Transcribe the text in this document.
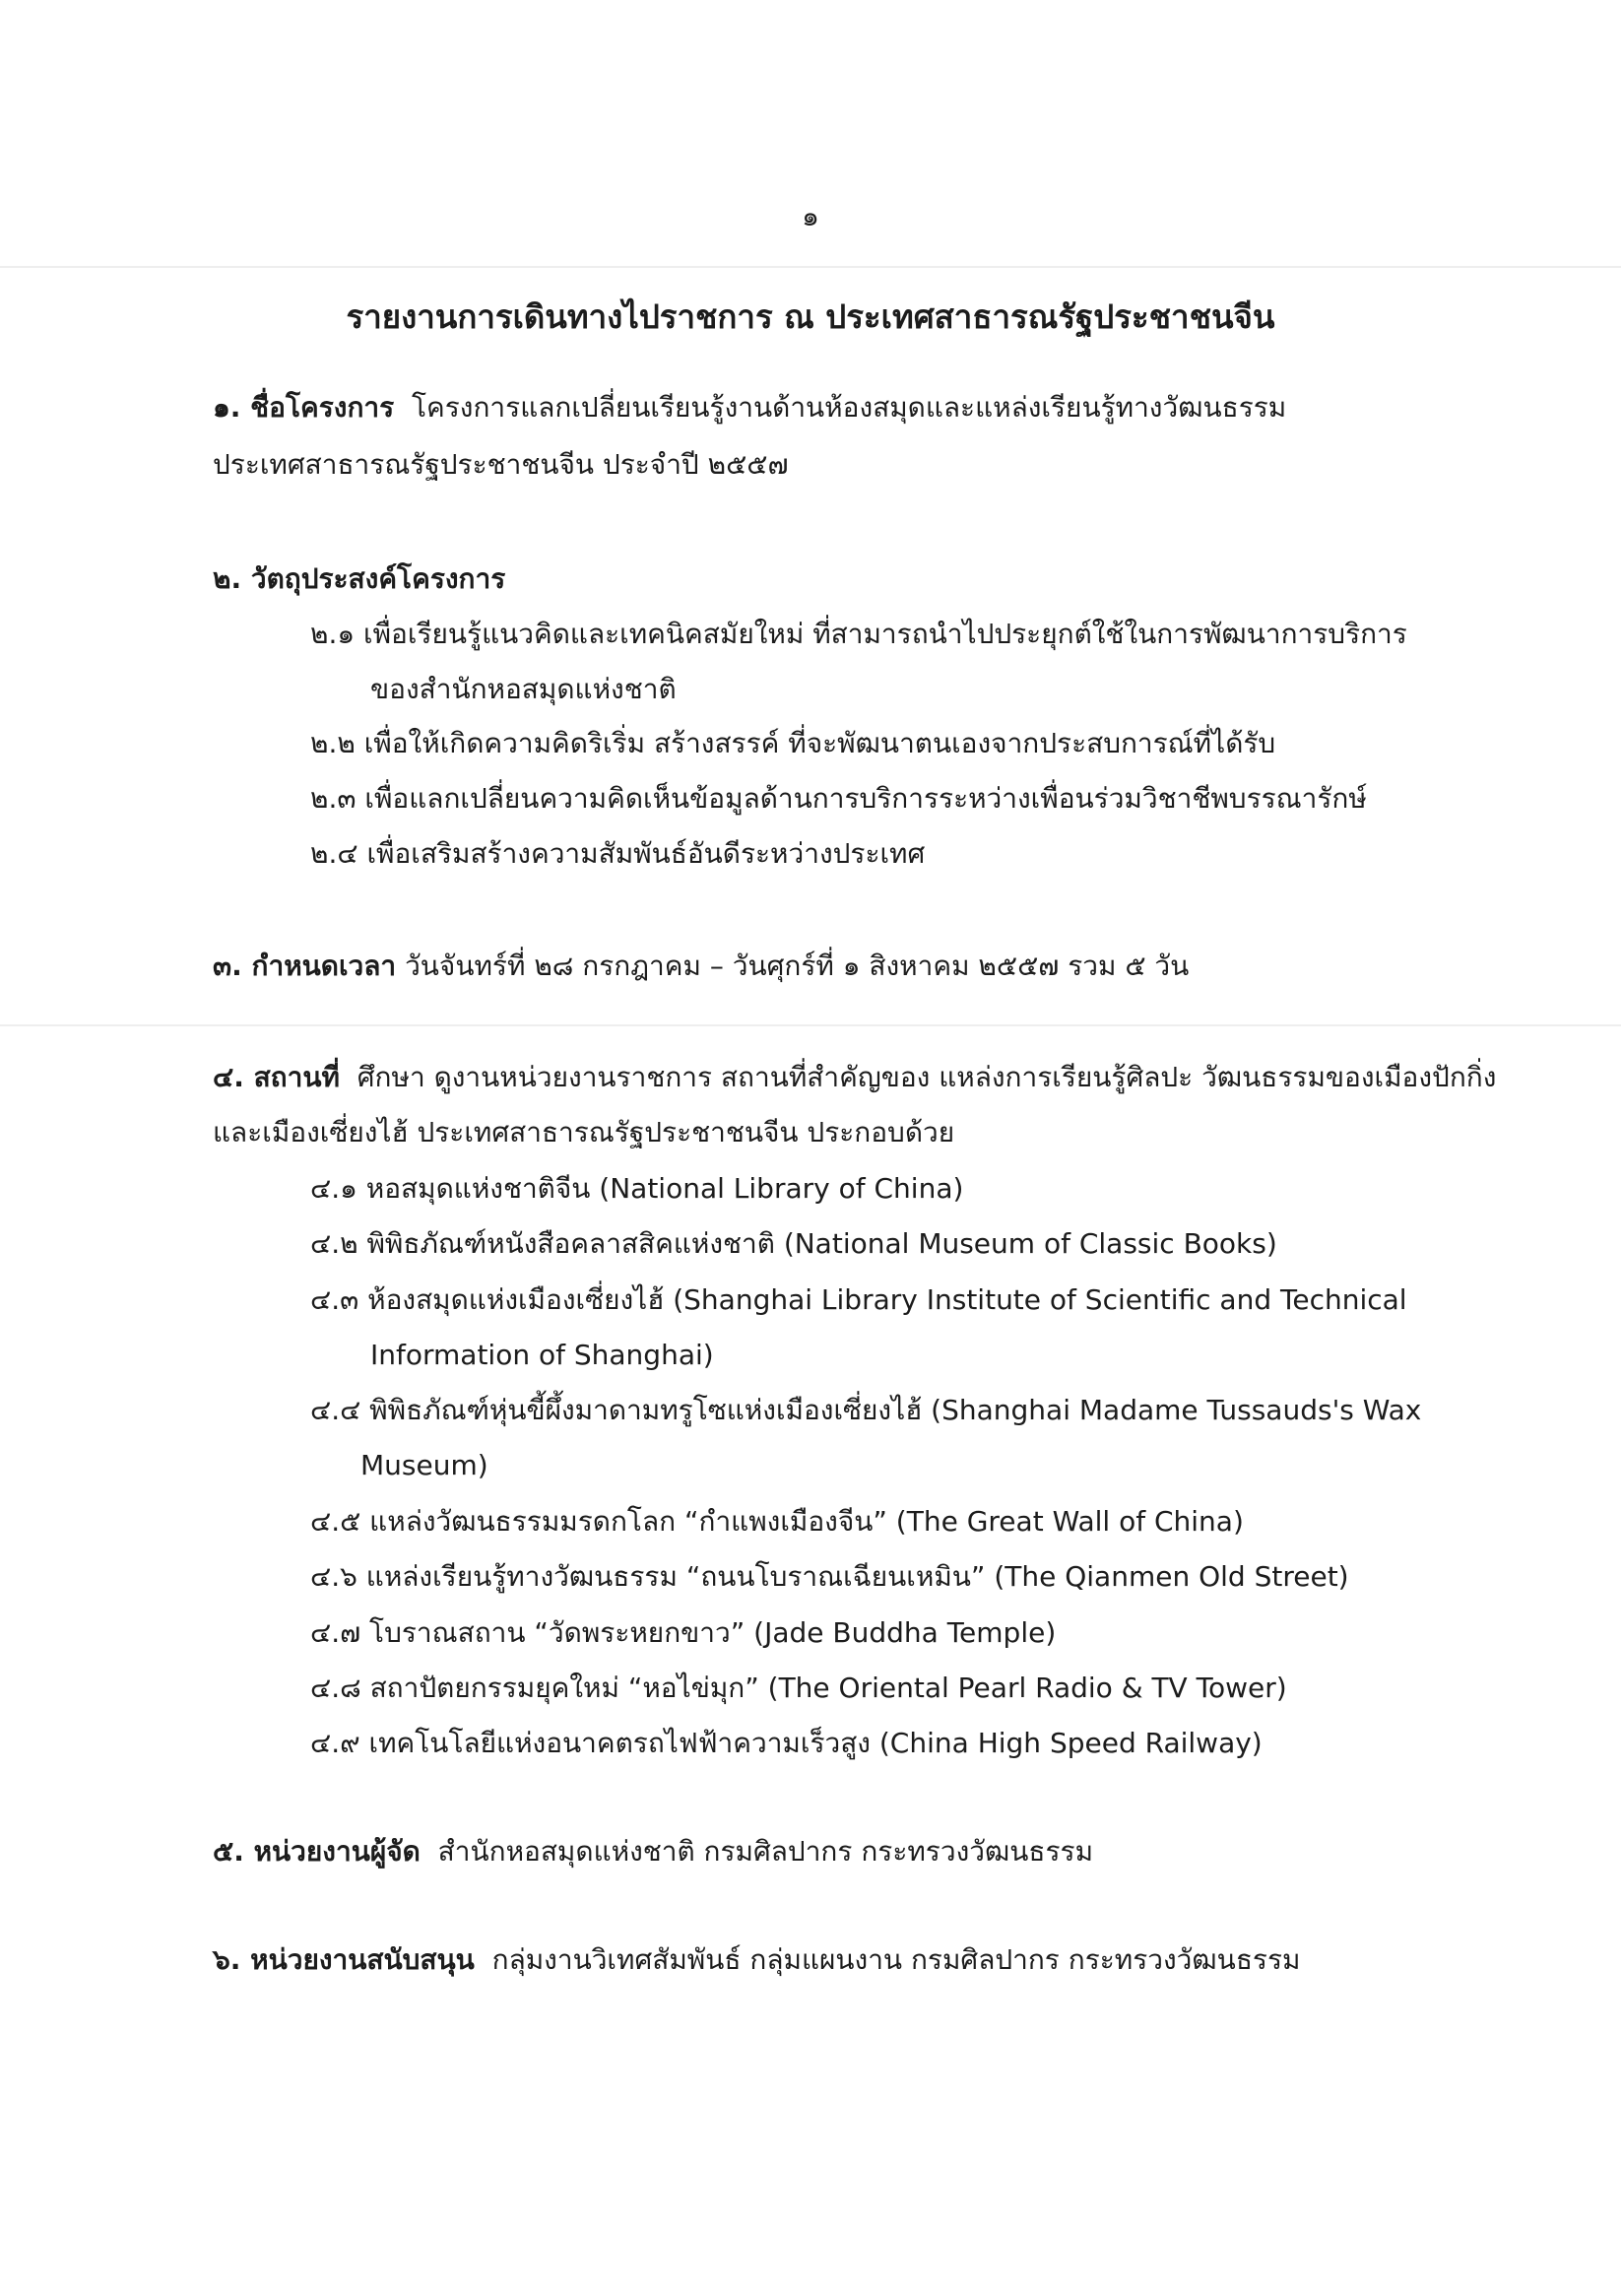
๑
รายงานการเดินทางไปราชการ ณ ประเทศสาธารณรัฐประชาชนจีน
๑. ชื่อโครงการ โครงการแลกเปลี่ยนเรียนรู้งานด้านห้องสมุดและแหล่งเรียนรู้ทางวัฒนธรรม
ประเทศสาธารณรัฐประชาชนจีน ประจำปี ๒๕๕๗
๒. วัตถุประสงค์โครงการ
๒.๑ เพื่อเรียนรู้แนวคิดและเทคนิคสมัยใหม่ ที่สามารถนำไปประยุกต์ใช้ในการพัฒนาการบริการ
ของสำนักหอสมุดแห่งชาติ
๒.๒ เพื่อให้เกิดความคิดริเริ่ม สร้างสรรค์ ที่จะพัฒนาตนเองจากประสบการณ์ที่ได้รับ
๒.๓ เพื่อแลกเปลี่ยนความคิดเห็นข้อมูลด้านการบริการระหว่างเพื่อนร่วมวิชาชีพบรรณารักษ์
๒.๔ เพื่อเสริมสร้างความสัมพันธ์อันดีระหว่างประเทศ
๓. กำหนดเวลา วันจันทร์ที่ ๒๘ กรกฎาคม – วันศุกร์ที่ ๑ สิงหาคม ๒๕๕๗ รวม ๕ วัน
๔. สถานที่ ศึกษา ดูงานหน่วยงานราชการ สถานที่สำคัญของ แหล่งการเรียนรู้ศิลปะ วัฒนธรรมของเมืองปักกิ่ง
และเมืองเซี่ยงไฮ้ ประเทศสาธารณรัฐประชาชนจีน ประกอบด้วย
๔.๑ หอสมุดแห่งชาติจีน (National Library of China)
๔.๒ พิพิธภัณฑ์หนังสือคลาสสิคแห่งชาติ (National Museum of Classic Books)
๔.๓ ห้องสมุดแห่งเมืองเซี่ยงไฮ้ (Shanghai Library Institute of Scientific and Technical
Information of Shanghai)
๔.๔ พิพิธภัณฑ์หุ่นขี้ผึ้งมาดามทรูโซแห่งเมืองเซี่ยงไฮ้ (Shanghai Madame Tussauds's Wax
Museum)
๔.๕ แหล่งวัฒนธรรมมรดกโลก “กำแพงเมืองจีน” (The Great Wall of China)
๔.๖ แหล่งเรียนรู้ทางวัฒนธรรม “ถนนโบราณเฉียนเหมิน” (The Qianmen Old Street)
๔.๗ โบราณสถาน “วัดพระหยกขาว” (Jade Buddha Temple)
๔.๘ สถาปัตยกรรมยุคใหม่ “หอไข่มุก” (The Oriental Pearl Radio & TV Tower)
๔.๙ เทคโนโลยีแห่งอนาคตรถไฟฟ้าความเร็วสูง (China High Speed Railway)
๕. หน่วยงานผู้จัด สำนักหอสมุดแห่งชาติ กรมศิลปากร กระทรวงวัฒนธรรม
๖. หน่วยงานสนับสนุน กลุ่มงานวิเทศสัมพันธ์ กลุ่มแผนงาน กรมศิลปากร กระทรวงวัฒนธรรม
